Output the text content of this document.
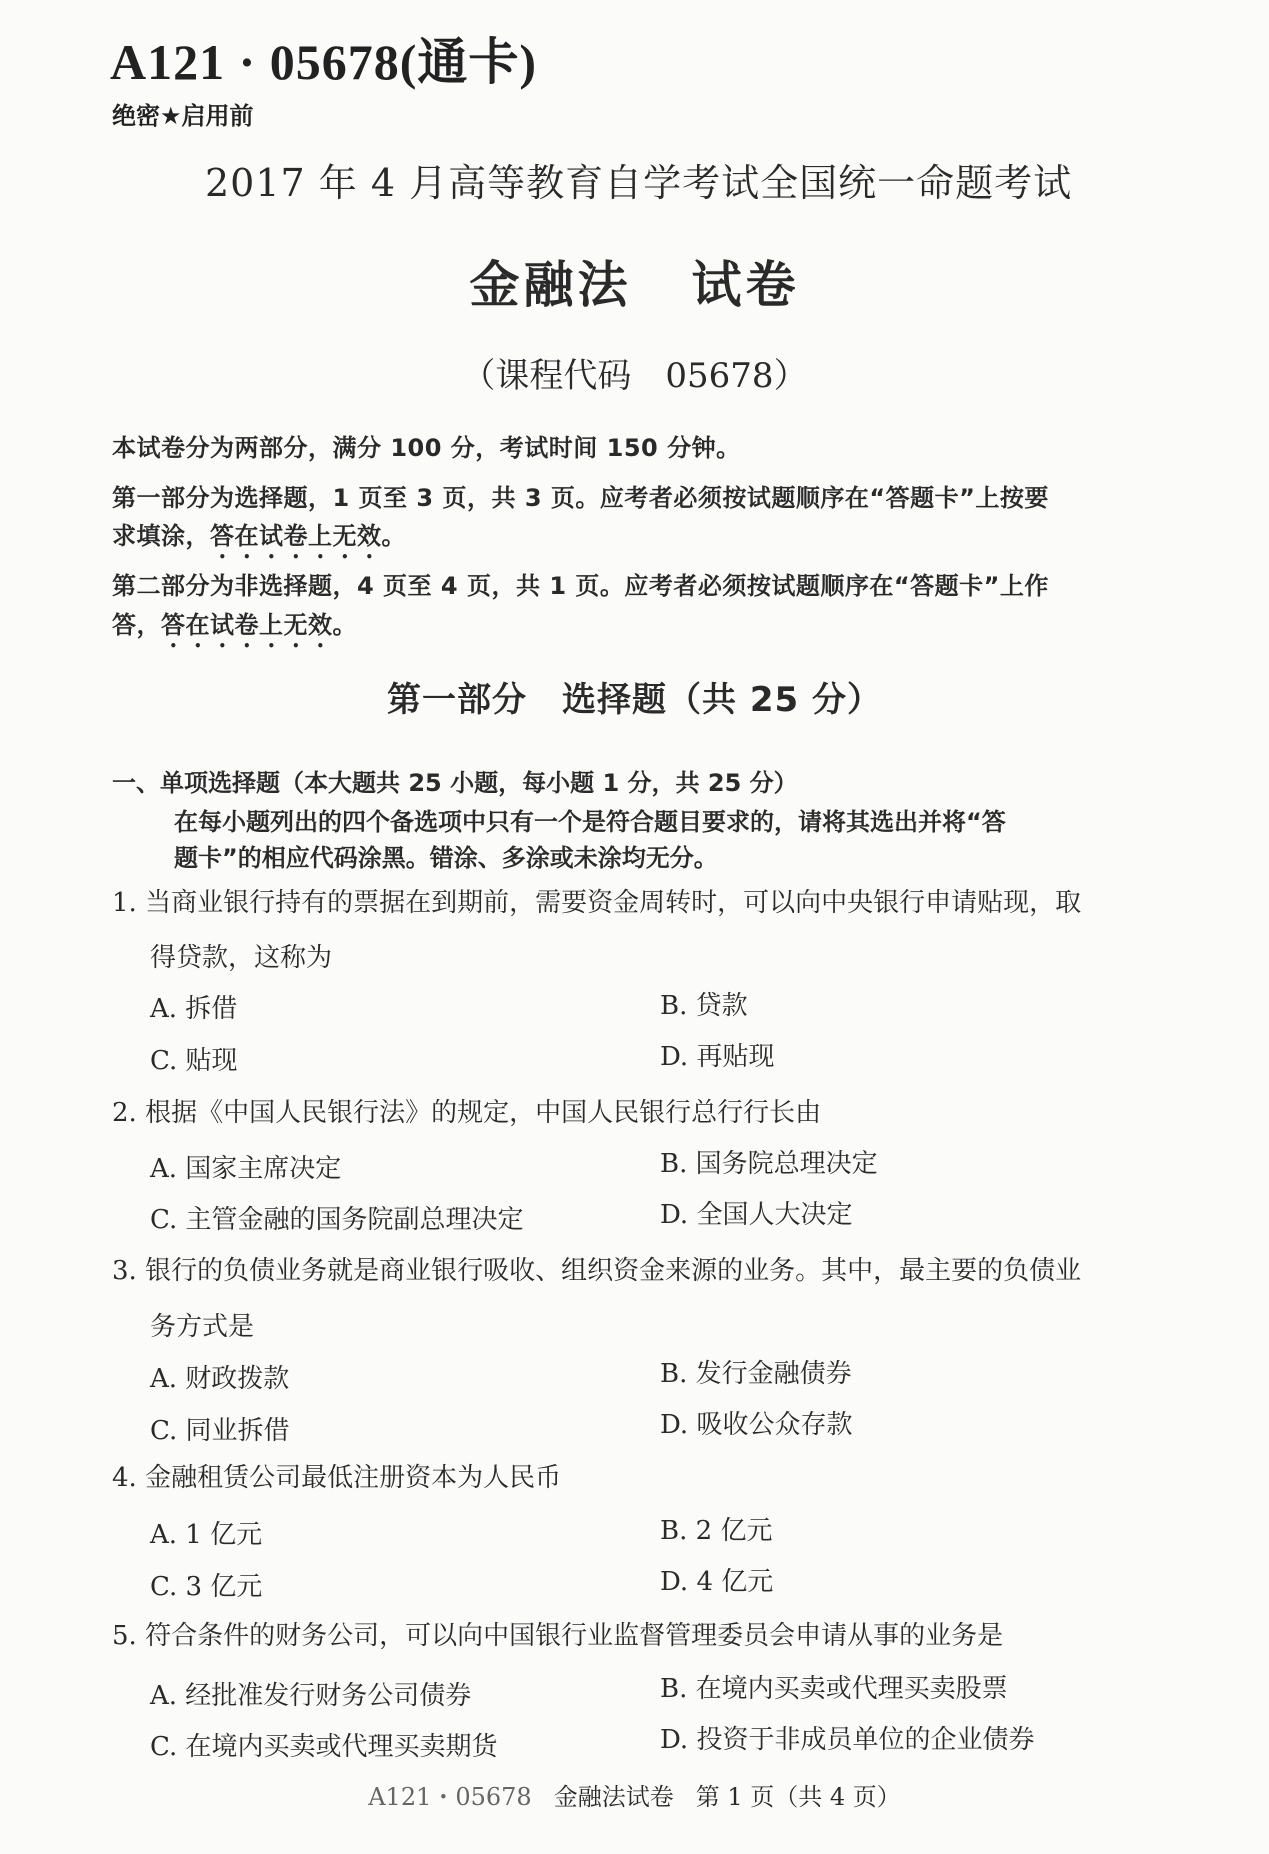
A121 · 05678(通卡)
绝密★启用前
2017 年 4 月高等教育自学考试全国统一命题考试
金融法 试卷
（课程代码　05678）
本试卷分为两部分，满分 100 分，考试时间 150 分钟。
第一部分为选择题，1 页至 3 页，共 3 页。应考者必须按试题顺序在“答题卡”上按要
求填涂，答在试卷上无效。
第二部分为非选择题，4 页至 4 页，共 1 页。应考者必须按试题顺序在“答题卡”上作
答，答在试卷上无效。
第一部分　选择题（共 25 分）
一、单项选择题（本大题共 25 小题，每小题 1 分，共 25 分）
在每小题列出的四个备选项中只有一个是符合题目要求的，请将其选出并将“答
题卡”的相应代码涂黑。错涂、多涂或未涂均无分。
1. 当商业银行持有的票据在到期前，需要资金周转时，可以向中央银行申请贴现，取
得贷款，这称为
A. 拆借	B. 贷款
C. 贴现	D. 再贴现
2. 根据《中国人民银行法》的规定，中国人民银行总行行长由
A. 国家主席决定	B. 国务院总理决定
C. 主管金融的国务院副总理决定	D. 全国人大决定
3. 银行的负债业务就是商业银行吸收、组织资金来源的业务。其中，最主要的负债业
务方式是
A. 财政拨款	B. 发行金融债券
C. 同业拆借	D. 吸收公众存款
4. 金融租赁公司最低注册资本为人民币
A. 1 亿元	B. 2 亿元
C. 3 亿元	D. 4 亿元
5. 符合条件的财务公司，可以向中国银行业监督管理委员会申请从事的业务是
A. 经批准发行财务公司债券	B. 在境内买卖或代理买卖股票
C. 在境内买卖或代理买卖期货	D. 投资于非成员单位的企业债券
A121・05678 金融法试卷 第 1 页（共 4 页）
